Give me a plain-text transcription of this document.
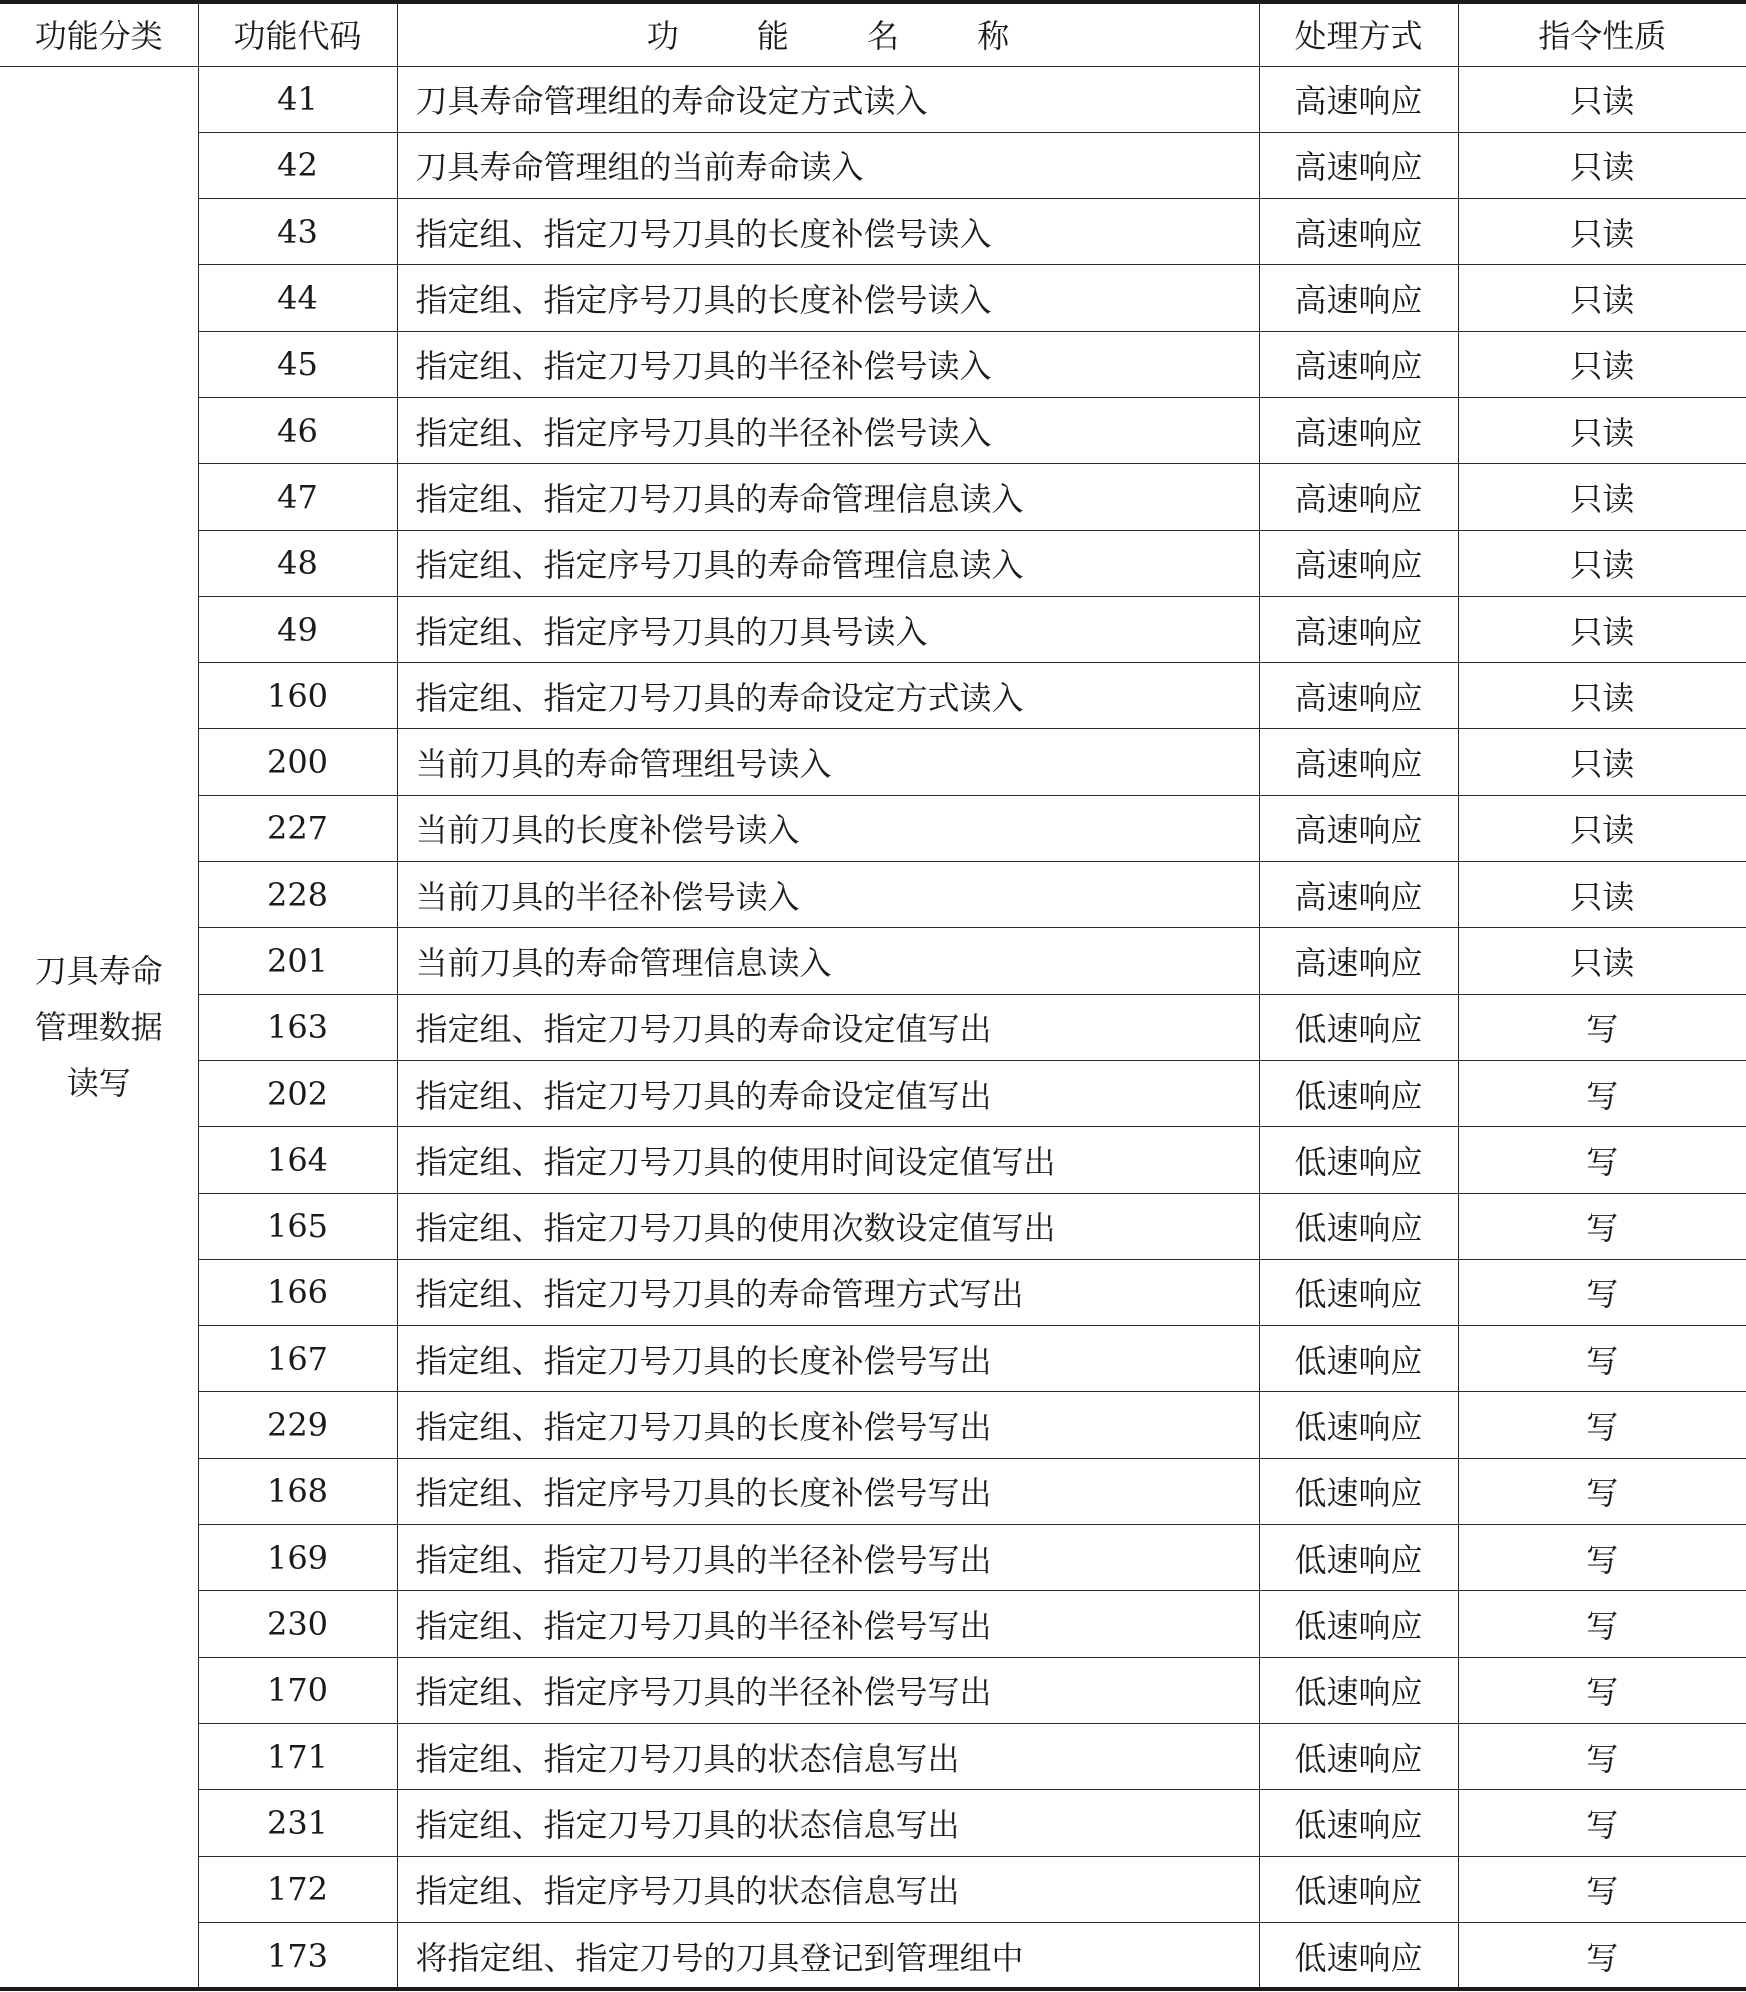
功能分类	功能代码	功 能 名 称	处理方式	指令性质

刀具寿命
管理数据
读写	41	刀具寿命管理组的寿命设定方式读入	高速响应	只读
	42	刀具寿命管理组的当前寿命读入	高速响应	只读
	43	指定组、指定刀号刀具的长度补偿号读入	高速响应	只读
	44	指定组、指定序号刀具的长度补偿号读入	高速响应	只读
	45	指定组、指定刀号刀具的半径补偿号读入	高速响应	只读
	46	指定组、指定序号刀具的半径补偿号读入	高速响应	只读
	47	指定组、指定刀号刀具的寿命管理信息读入	高速响应	只读
	48	指定组、指定序号刀具的寿命管理信息读入	高速响应	只读
	49	指定组、指定序号刀具的刀具号读入	高速响应	只读
	160	指定组、指定刀号刀具的寿命设定方式读入	高速响应	只读
	200	当前刀具的寿命管理组号读入	高速响应	只读
	227	当前刀具的长度补偿号读入	高速响应	只读
	228	当前刀具的半径补偿号读入	高速响应	只读
	201	当前刀具的寿命管理信息读入	高速响应	只读
	163	指定组、指定刀号刀具的寿命设定值写出	低速响应	写
	202	指定组、指定刀号刀具的寿命设定值写出	低速响应	写
	164	指定组、指定刀号刀具的使用时间设定值写出	低速响应	写
	165	指定组、指定刀号刀具的使用次数设定值写出	低速响应	写
	166	指定组、指定刀号刀具的寿命管理方式写出	低速响应	写
	167	指定组、指定刀号刀具的长度补偿号写出	低速响应	写
	229	指定组、指定刀号刀具的长度补偿号写出	低速响应	写
	168	指定组、指定序号刀具的长度补偿号写出	低速响应	写
	169	指定组、指定刀号刀具的半径补偿号写出	低速响应	写
	230	指定组、指定刀号刀具的半径补偿号写出	低速响应	写
	170	指定组、指定序号刀具的半径补偿号写出	低速响应	写
	171	指定组、指定刀号刀具的状态信息写出	低速响应	写
	231	指定组、指定刀号刀具的状态信息写出	低速响应	写
	172	指定组、指定序号刀具的状态信息写出	低速响应	写
	173	将指定组、指定刀号的刀具登记到管理组中	低速响应	写
